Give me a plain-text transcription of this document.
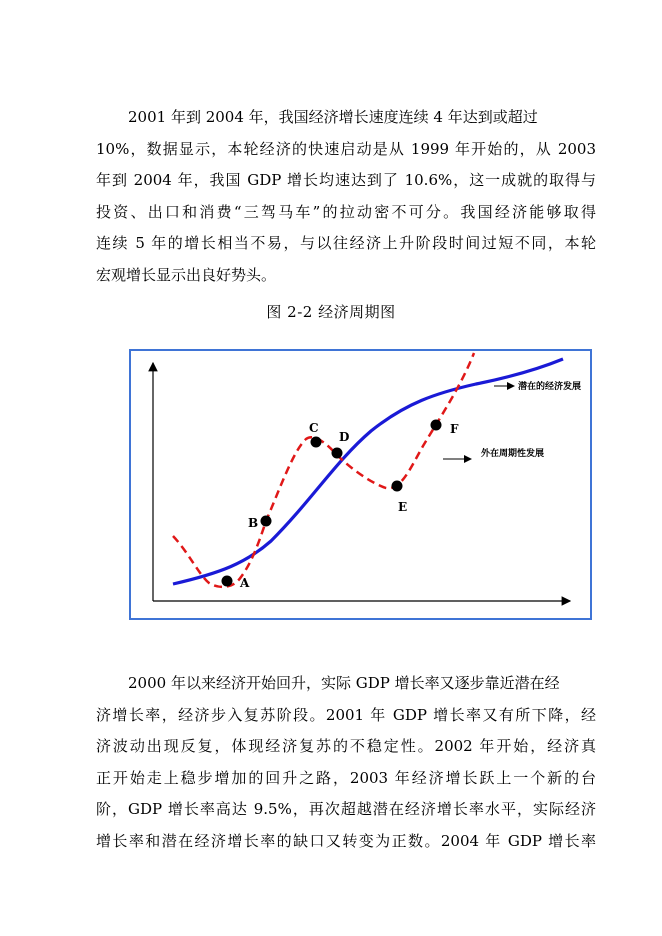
2001 年到 2004 年，我国经济增长速度连续 4 年达到或超过
10%，数据显示，本轮经济的快速启动是从 1999 年开始的，从 2003
年到 2004 年，我国 GDP 增长均速达到了 10.6%，这一成就的取得与
投资、出口和消费“三驾马车”的拉动密不可分。我国经济能够取得
连续 5 年的增长相当不易，与以往经济上升阶段时间过短不同，本轮
宏观增长显示出良好势头。
图 2-2 经济周期图
A
B
C
D
E
F
潜在的经济发展
外在周期性发展
2000 年以来经济开始回升，实际 GDP 增长率又逐步靠近潜在经
济增长率，经济步入复苏阶段。2001 年 GDP 增长率又有所下降，经
济波动出现反复，体现经济复苏的不稳定性。2002 年开始，经济真
正开始走上稳步增加的回升之路，2003 年经济增长跃上一个新的台
阶，GDP 增长率高达 9.5%，再次超越潜在经济增长率水平，实际经济
增长率和潜在经济增长率的缺口又转变为正数。2004 年 GDP 增长率
